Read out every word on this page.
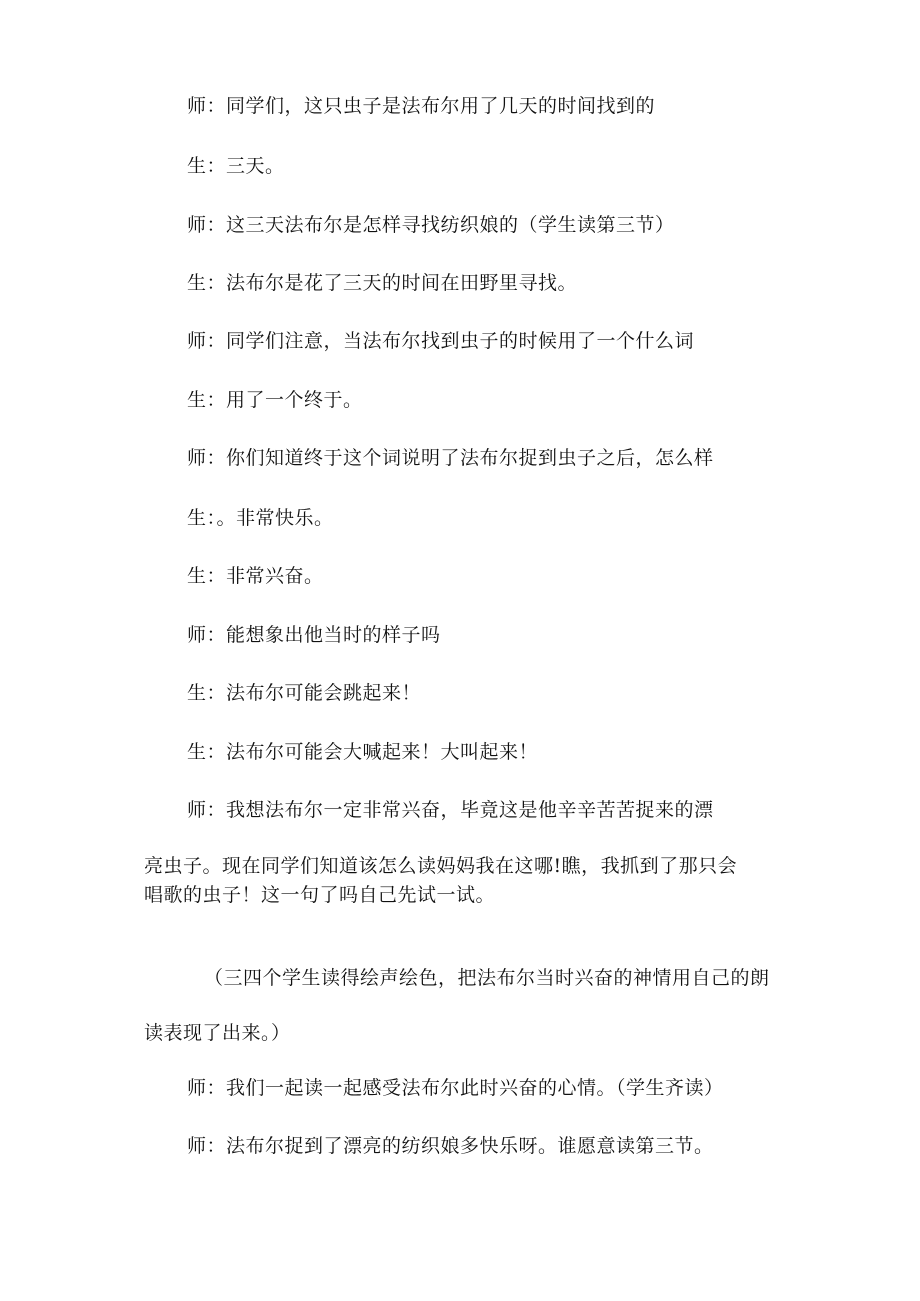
师：同学们，这只虫子是法布尔用了几天的时间找到的
生：三天。
师：这三天法布尔是怎样寻找纺织娘的（学生读第三节）
生：法布尔是花了三天的时间在田野里寻找。
师：同学们注意，当法布尔找到虫子的时候用了一个什么词
生：用了一个终于。
师：你们知道终于这个词说明了法布尔捉到虫子之后，怎么样
生：。非常快乐。
生：非常兴奋。
师：能想象出他当时的样子吗
生：法布尔可能会跳起来！
生：法布尔可能会大喊起来！大叫起来！
师：我想法布尔一定非常兴奋，毕竟这是他辛辛苦苦捉来的漂
亮虫子。现在同学们知道该怎么读妈妈我在这哪!瞧，我抓到了那只会
唱歌的虫子！这一句了吗自己先试一试。
（三四个学生读得绘声绘色，把法布尔当时兴奋的神情用自己的朗
读表现了出来。）
师：我们一起读一起感受法布尔此时兴奋的心情。（学生齐读）
师：法布尔捉到了漂亮的纺织娘多快乐呀。谁愿意读第三节。
